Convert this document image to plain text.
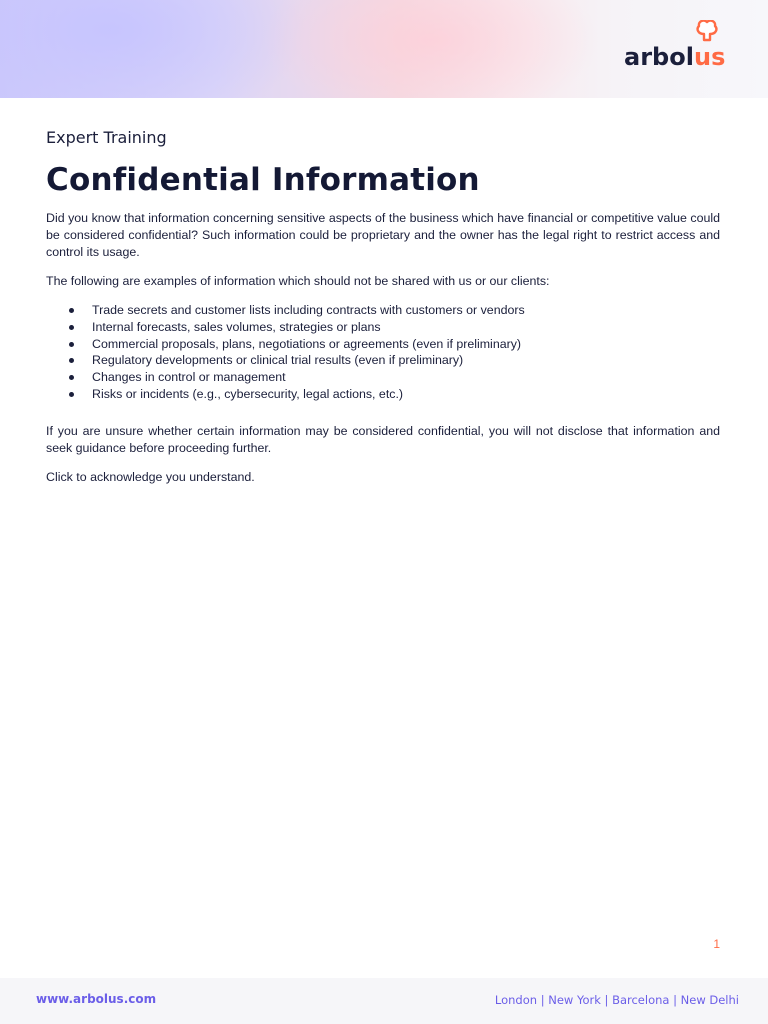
arbol us
Expert Training
Confidential Information

Did you know that information concerning sensitive aspects of the business which have financial or competitive value could be considered confidential? Such information could be proprietary and the owner has the legal right to restrict access and control its usage.

The following are examples of information which should not be shared with us or our clients:

Trade secrets and customer lists including contracts with customers or vendors
Internal forecasts, sales volumes, strategies or plans
Commercial proposals, plans, negotiations or agreements (even if preliminary)
Regulatory developments or clinical trial results (even if preliminary)
Changes in control or management
Risks or incidents (e.g., cybersecurity, legal actions, etc.)

If you are unsure whether certain information may be considered confidential, you will not disclose that information and seek guidance before proceeding further.

Click to acknowledge you understand.

1
www.arbolus.com	London | New York | Barcelona | New Delhi
